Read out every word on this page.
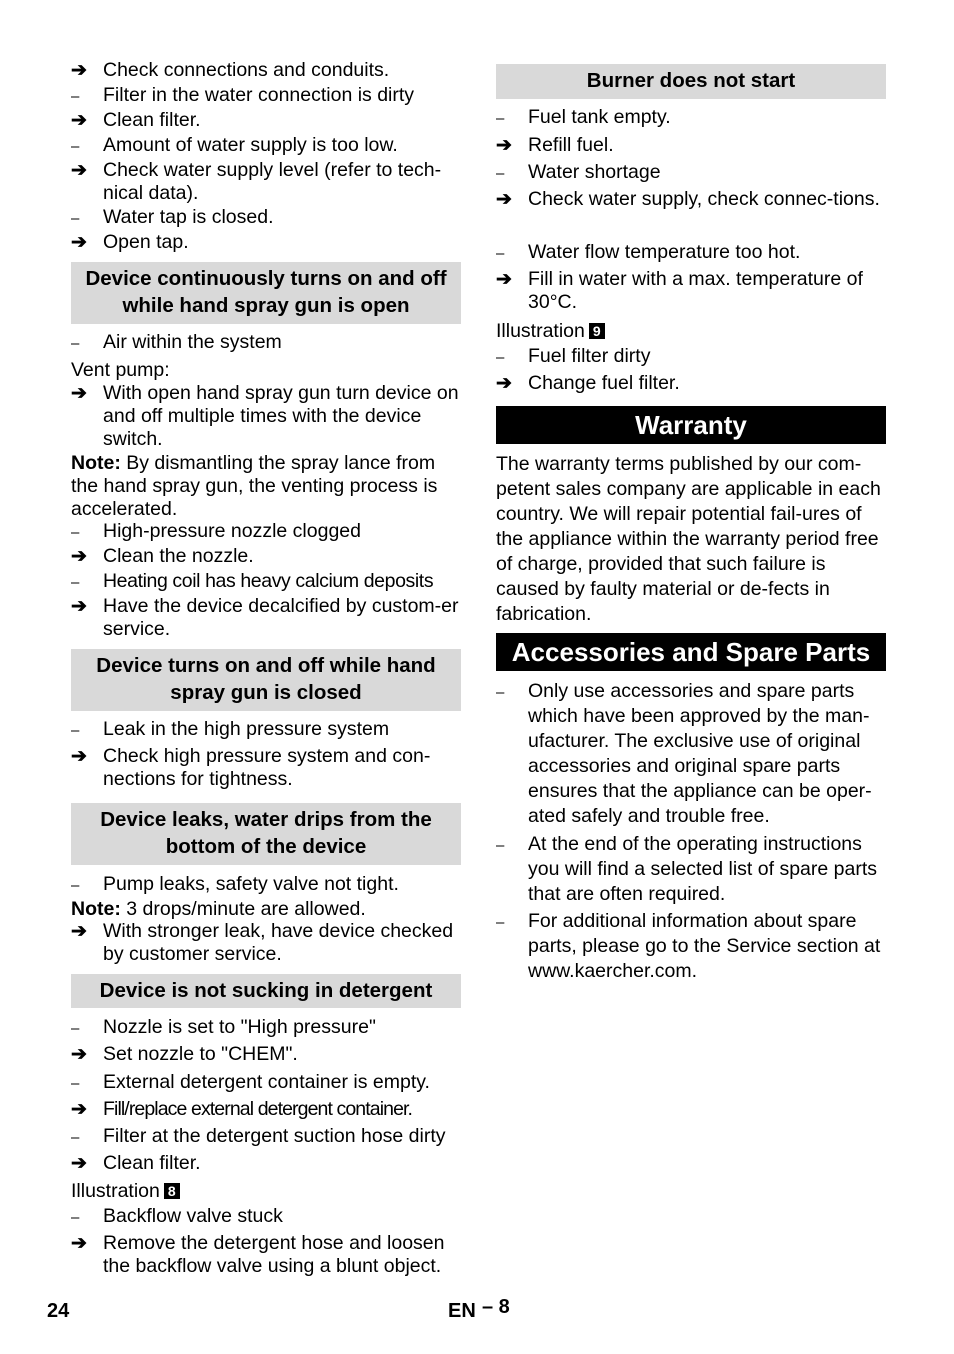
➔ Check connections and conduits.
–	Filter in the water connection is dirty
➔ Clean filter.
–	Amount of water supply is too low.
➔ Check water supply level (refer to tech-nical data).
–	Water tap is closed.
➔ Open tap.
Device continuously turns on and off while hand spray gun is open
–	Air within the system
Vent pump:
➔ With open hand spray gun turn device on and off multiple times with the device switch.
Note: By dismantling the spray lance from the hand spray gun, the venting process is accelerated.
–	High-pressure nozzle clogged
➔ Clean the nozzle.
–	Heating coil has heavy calcium deposits
➔ Have the device decalcified by custom-er service.
Device turns on and off while hand spray gun is closed
–	Leak in the high pressure system
➔ Check high pressure system and con-nections for tightness.
Device leaks, water drips from the bottom of the device
–	Pump leaks, safety valve not tight.
Note: 3 drops/minute are allowed.
➔ With stronger leak, have device checked by customer service.
Device is not sucking in detergent
–	Nozzle is set to "High pressure"
➔ Set nozzle to "CHEM".
–	External detergent container is empty.
➔ Fill/replace external detergent container.
–	Filter at the detergent suction hose dirty
➔ Clean filter.
Illustration 8
–	Backflow valve stuck
➔ Remove the detergent hose and loosen the backflow valve using a blunt object.
Burner does not start
–	Fuel tank empty.
➔ Refill fuel.
–	Water shortage
➔ Check water supply, check connec-tions.
–	Water flow temperature too hot.
➔ Fill in water with a max. temperature of 30°C.
Illustration 9
–	Fuel filter dirty
➔ Change fuel filter.
Warranty
The warranty terms published by our com-petent sales company are applicable in each country. We will repair potential fail-ures of the appliance within the warranty period free of charge, provided that such failure is caused by faulty material or de-fects in fabrication.
Accessories and Spare Parts
–	Only use accessories and spare parts which have been approved by the man-ufacturer. The exclusive use of original accessories and original spare parts ensures that the appliance can be oper-ated safely and trouble free.
–	At the end of the operating instructions you will find a selected list of spare parts that are often required.
–	For additional information about spare parts, please go to the Service section at www.kaercher.com.
24	EN – 8
